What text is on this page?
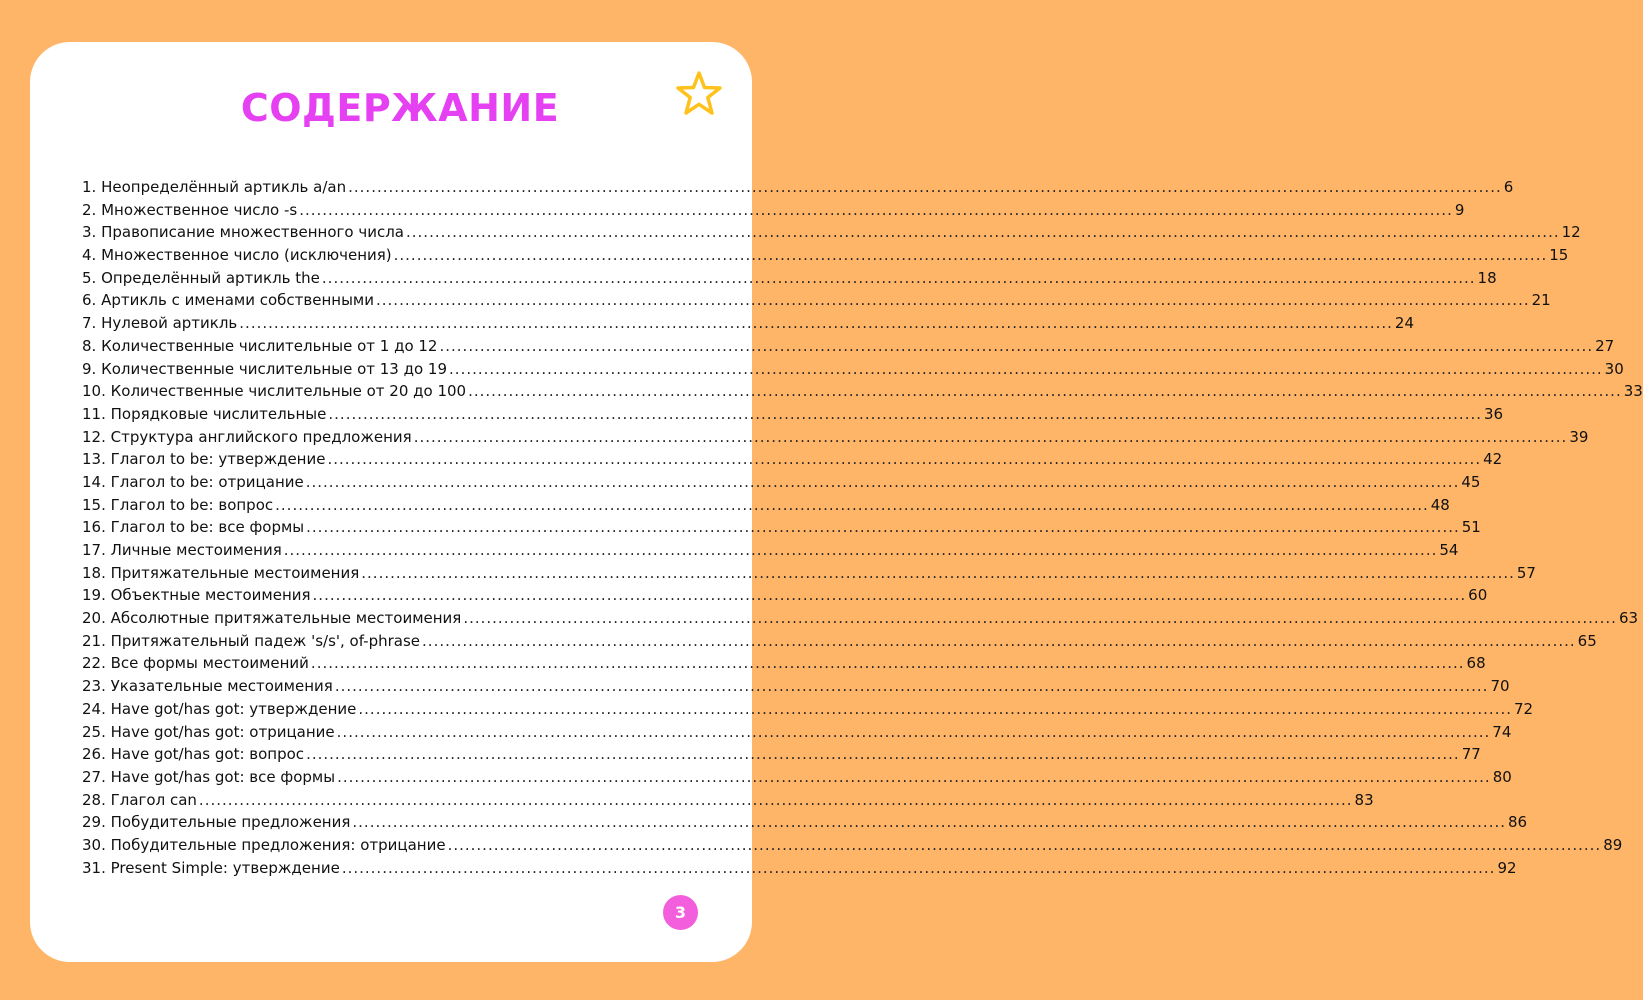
СОДЕРЖАНИЕ
1. Неопределённый артикль a/an ........................................................................................................................................................................................................ 6
2. Множественное число -s ........................................................................................................................................................................................................ 9
3. Правописание множественного числа ........................................................................................................................................................................................................ 12
4. Множественное число (исключения) ........................................................................................................................................................................................................ 15
5. Определённый артикль the ........................................................................................................................................................................................................ 18
6. Артикль с именами собственными ........................................................................................................................................................................................................ 21
7. Нулевой артикль ........................................................................................................................................................................................................ 24
8. Количественные числительные от 1 до 12 ........................................................................................................................................................................................................ 27
9. Количественные числительные от 13 до 19 ........................................................................................................................................................................................................ 30
10. Количественные числительные от 20 до 100 ........................................................................................................................................................................................................ 33
11. Порядковые числительные ........................................................................................................................................................................................................ 36
12. Структура английского предложения ........................................................................................................................................................................................................ 39
13. Глагол to be: утверждение ........................................................................................................................................................................................................ 42
14. Глагол to be: отрицание ........................................................................................................................................................................................................ 45
15. Глагол to be: вопрос ........................................................................................................................................................................................................ 48
16. Глагол to be: все формы ........................................................................................................................................................................................................ 51
17. Личные местоимения ........................................................................................................................................................................................................ 54
18. Притяжательные местоимения ........................................................................................................................................................................................................ 57
19. Объектные местоимения ........................................................................................................................................................................................................ 60
20. Абсолютные притяжательные местоимения ........................................................................................................................................................................................................ 63
21. Притяжательный падеж 's/s', of-phrase ........................................................................................................................................................................................................ 65
22. Все формы местоимений ........................................................................................................................................................................................................ 68
23. Указательные местоимения ........................................................................................................................................................................................................ 70
24. Have got/has got: утверждение ........................................................................................................................................................................................................ 72
25. Have got/has got: отрицание ........................................................................................................................................................................................................ 74
26. Have got/has got: вопрос ........................................................................................................................................................................................................ 77
27. Have got/has got: все формы ........................................................................................................................................................................................................ 80
28. Глагол can ........................................................................................................................................................................................................ 83
29. Побудительные предложения ........................................................................................................................................................................................................ 86
30. Побудительные предложения: отрицание ........................................................................................................................................................................................................ 89
31. Present Simple: утверждение ........................................................................................................................................................................................................ 92
3
